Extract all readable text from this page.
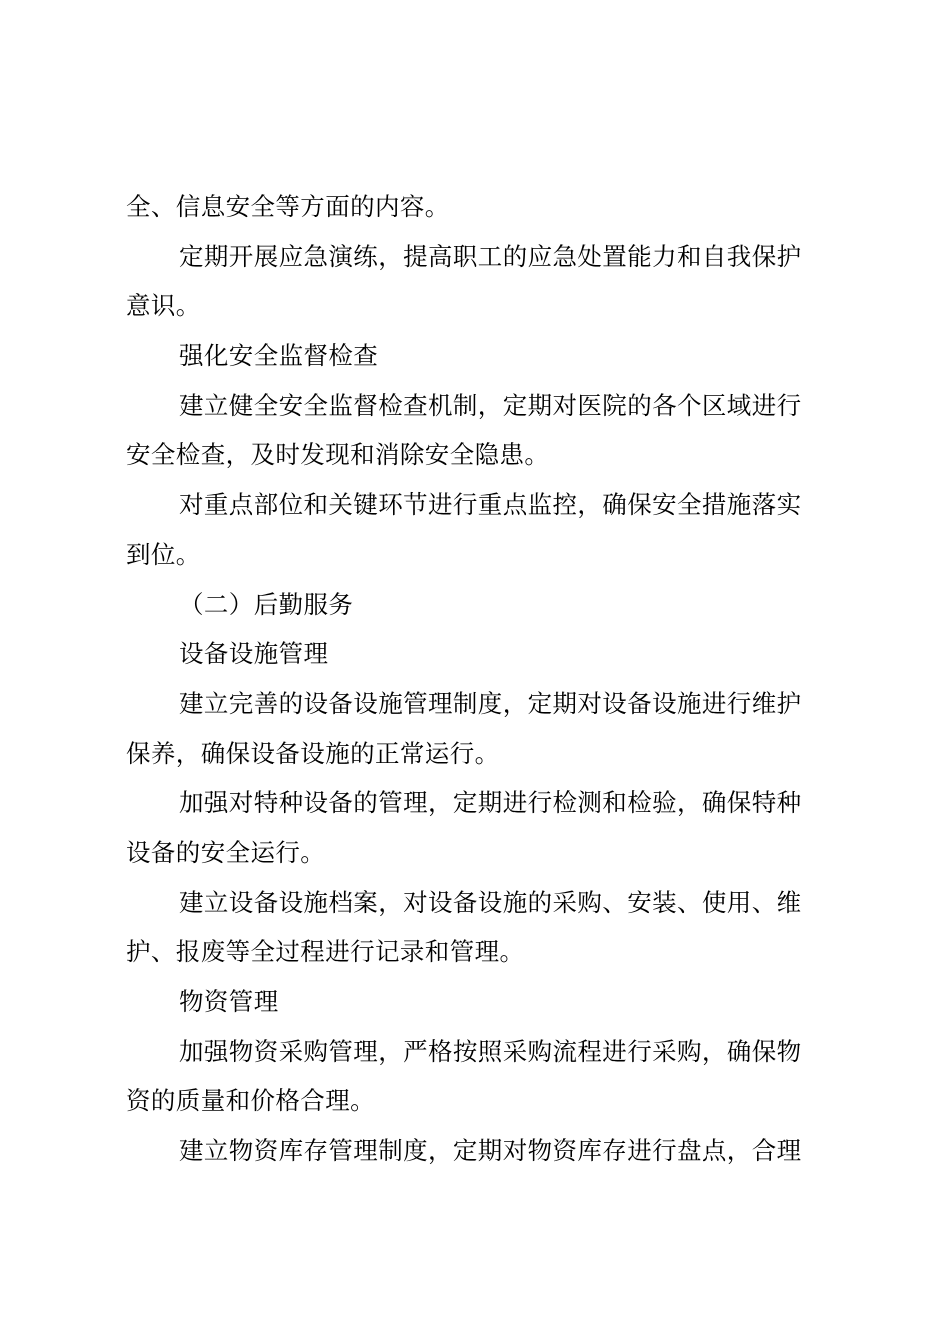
全、信息安全等方面的内容。
定期开展应急演练，提高职工的应急处置能力和自我保护
意识。
强化安全监督检查
建立健全安全监督检查机制，定期对医院的各个区域进行
安全检查，及时发现和消除安全隐患。
对重点部位和关键环节进行重点监控，确保安全措施落实
到位。
（二）后勤服务
设备设施管理
建立完善的设备设施管理制度，定期对设备设施进行维护
保养，确保设备设施的正常运行。
加强对特种设备的管理，定期进行检测和检验，确保特种
设备的安全运行。
建立设备设施档案，对设备设施的采购、安装、使用、维
护、报废等全过程进行记录和管理。
物资管理
加强物资采购管理，严格按照采购流程进行采购，确保物
资的质量和价格合理。
建立物资库存管理制度，定期对物资库存进行盘点，合理
